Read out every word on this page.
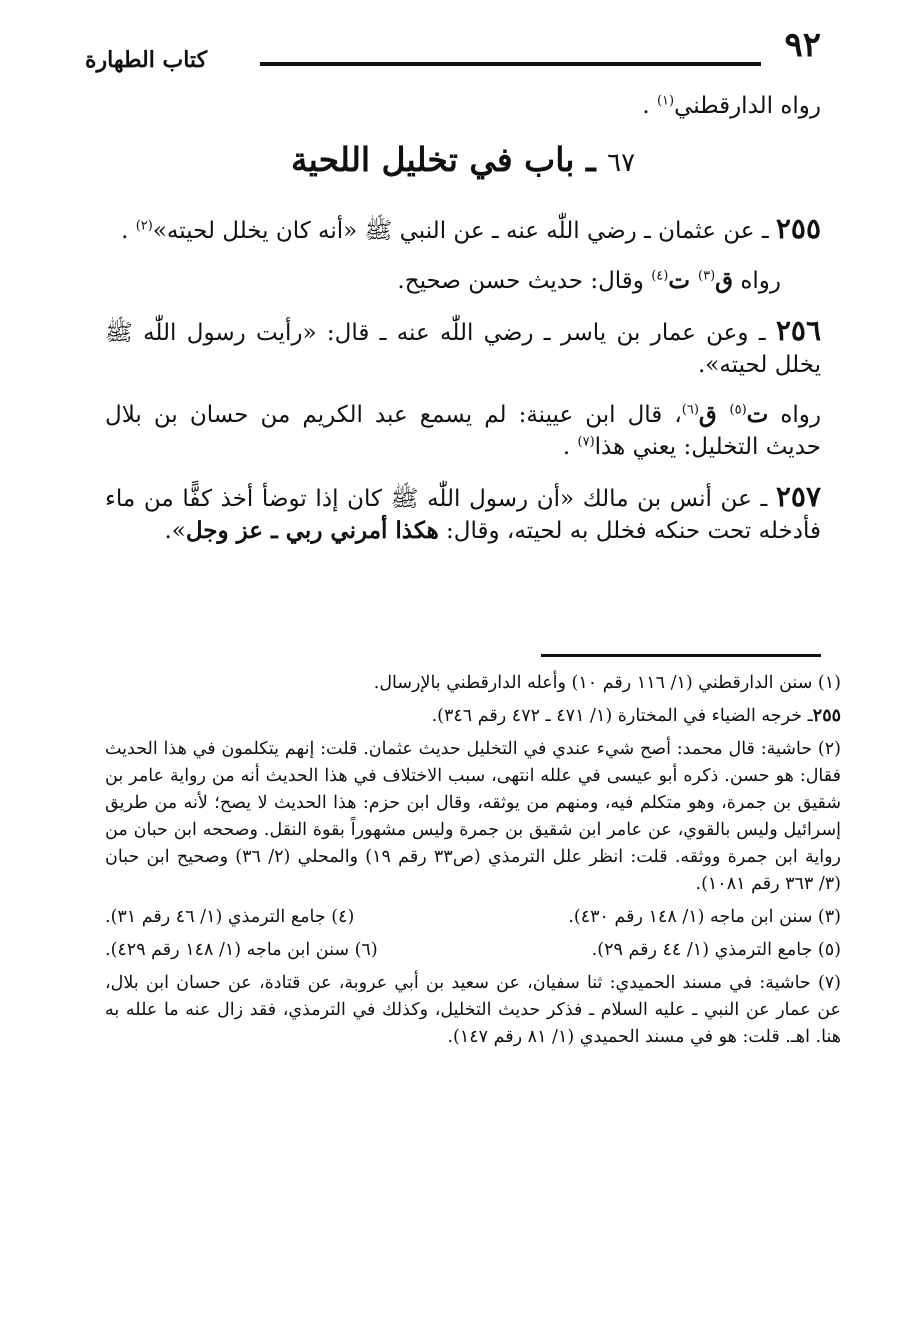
٩٢
كتاب الطهارة

رواه الدارقطني$^{(١)}$ .

٦٧ ـ باب في تخليل اللحية

٢٥٥ ـ عن عثمان ـ رضي اللّٰه عنه ـ عن النبي ﷺ «أنه كان يخلل لحيته»$^{(٢)}$ .

رواه ق$^{(٣)}$ ت$^{(٤)}$ وقال: حديث حسن صحيح.

٢٥٦ ـ وعن عمار بن ياسر ـ رضي اللّٰه عنه ـ قال: «رأيت رسول اللّٰه ﷺ يخلل لحيته».

رواه ت$^{(٥)}$ ق$^{(٦)}$، قال ابن عيينة: لم يسمع عبد الكريم من حسان بن بلال حديث التخليل: يعني هذا$^{(٧)}$ .

٢٥٧ ـ عن أنس بن مالك «أن رسول اللّٰه ﷺ كان إذا توضأ أخذ كفًّا من ماء فأدخله تحت حنكه فخلل به لحيته، وقال: هكذا أمرني ربي ـ عز وجل».

(١) سنن الدارقطني (١/ ١١٦ رقم ١٠) وأعله الدارقطني بالإرسال.

٢٥٥ـ خرجه الضياء في المختارة (١/ ٤٧١ ـ ٤٧٢ رقم ٣٤٦).

(٢) حاشية: قال محمد: أصح شيء عندي في التخليل حديث عثمان. قلت: إنهم يتكلمون في هذا الحديث فقال: هو حسن. ذكره أبو عيسى في علله انتهى، سبب الاختلاف في هذا الحديث أنه من رواية عامر بن شقيق بن جمرة، وهو متكلم فيه، ومنهم من يوثقه، وقال ابن حزم: هذا الحديث لا يصح؛ لأنه من طريق إسرائيل وليس بالقوي، عن عامر ابن شقيق بن جمرة وليس مشهوراً بقوة النقل. وصححه ابن حبان من رواية ابن جمرة ووثقه. قلت: انظر علل الترمذي (ص٣٣ رقم ١٩) والمحلي (٢/ ٣٦) وصحيح ابن حبان (٣/ ٣٦٣ رقم ١٠٨١).

(٣) سنن ابن ماجه (١/ ١٤٨ رقم ٤٣٠).
(٤) جامع الترمذي (١/ ٤٦ رقم ٣١).
(٥) جامع الترمذي (١/ ٤٤ رقم ٢٩).
(٦) سنن ابن ماجه (١/ ١٤٨ رقم ٤٢٩).

(٧) حاشية: في مسند الحميدي: ثنا سفيان، عن سعيد بن أبي عروبة، عن قتادة، عن حسان ابن بلال، عن عمار عن النبي ـ عليه السلام ـ فذكر حديث التخليل، وكذلك في الترمذي، فقد زال عنه ما علله به هنا. اهـ. قلت: هو في مسند الحميدي (١/ ٨١ رقم ١٤٧).
